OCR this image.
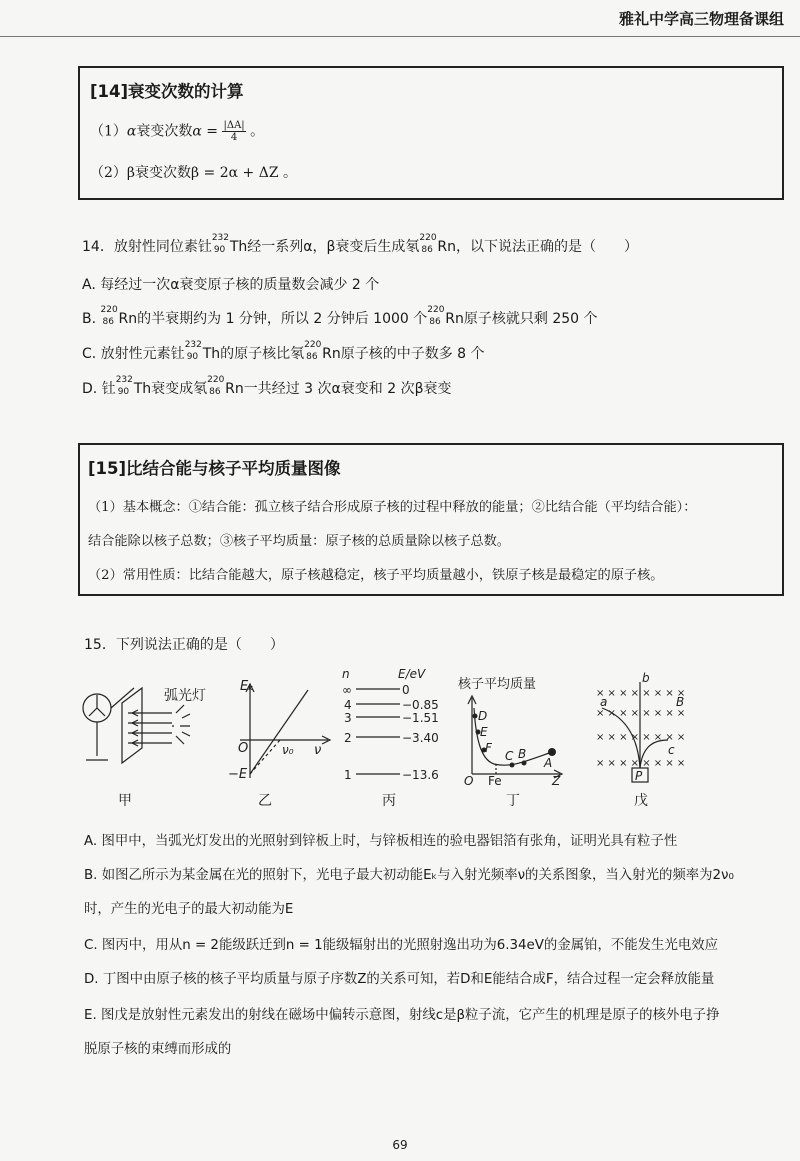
雅礼中学高三物理备课组
[14]衰变次数的计算
（1）α衰变次数$\alpha = \frac{|\Delta A|}{4}$ 。
（2）β衰变次数β = 2α + ΔZ 。
14．放射性同位素钍
232
90 Th经一系列α，β衰变后生成氡
220
86 Rn，以下说法正确的是（　　）
A. 每经过一次α衰变原子核的质量数会减少 2 个
B.
220
86 Rn的半衰期约为 1 分钟，所以 2 分钟后 1000 个
220
86 Rn原子核就只剩 250 个
C. 放射性元素钍
232
90 Th的原子核比氡
220
86 Rn原子核的中子数多 8 个
D. 钍
232
90 Th衰变成氡
220
86 Rn一共经过 3 次α衰变和 2 次β衰变
[15]比结合能与核子平均质量图像
（1）基本概念：①结合能：孤立核子结合形成原子核的过程中释放的能量；②比结合能（平均结合能）：
结合能除以核子总数；③核子平均质量：原子核的总质量除以核子总数。
（2）常用性质：比结合能越大，原子核越稳定，核子平均质量越小，铁原子核是最稳定的原子核。
15．下列说法正确的是（　　）
弧光灯
甲
Eₖ
O	ν₀ ν
−E
乙
n	E/eV
∞	0
4	−0.85
3	−1.51
2	−3.40
1	−13.6
丙
核子平均质量
D
E
F
C B
A
O Fe	Z
丁
× × × × × × × ×
× × × × × × × ×
× × × × × × × ×
× × × × × × × ×
b
a
c
B
P
戊
A. 图甲中，当弧光灯发出的光照射到锌板上时，与锌板相连的验电器铝箔有张角，证明光具有粒子性
B. 如图乙所示为某金属在光的照射下，光电子最大初动能Eₖ与入射光频率ν的关系图象，当入射光的频率为2ν₀
时，产生的光电子的最大初动能为E
C. 图丙中，用从n = 2能级跃迁到n = 1能级辐射出的光照射逸出功为6.34eV的金属铂，不能发生光电效应
D. 丁图中由原子核的核子平均质量与原子序数Z的关系可知，若D和E能结合成F，结合过程一定会释放能量
E. 图戊是放射性元素发出的射线在磁场中偏转示意图，射线c是β粒子流，它产生的机理是原子的核外电子挣
脱原子核的束缚而形成的
69
